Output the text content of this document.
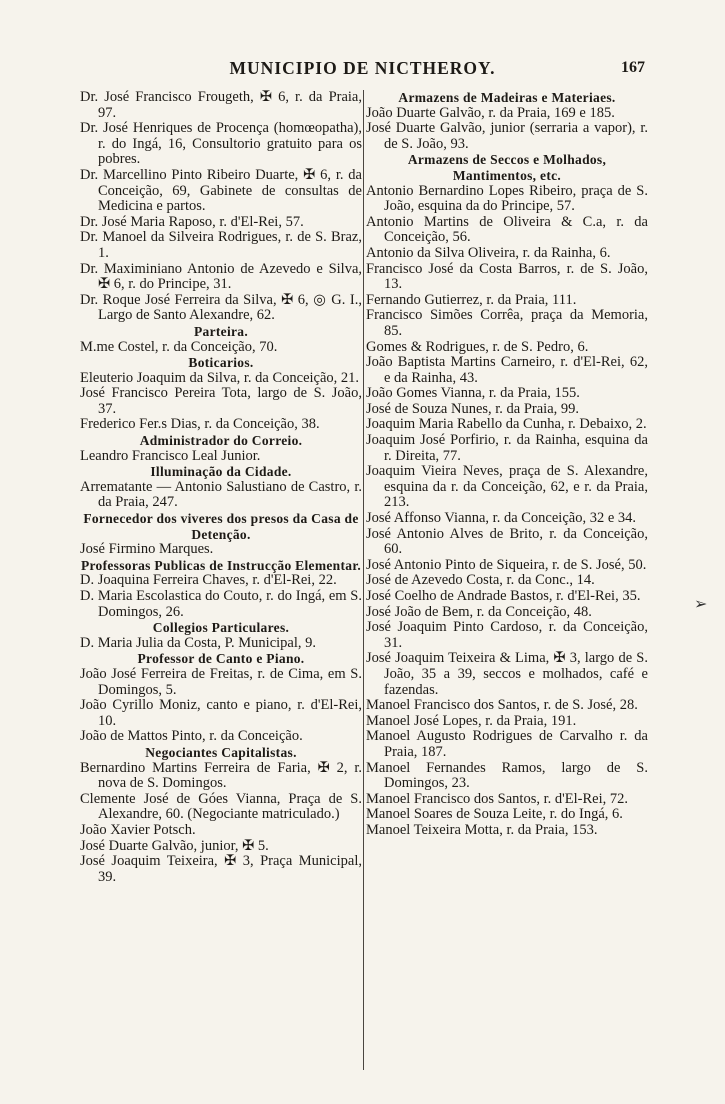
MUNICIPIO DE NICTHEROY.	167

Dr. José Francisco Frougeth, ✠ 6, r. da Praia, 97.

Dr. José Henriques de Procença (homœopatha), r. do Ingá, 16, Consultorio gratuito para os pobres.

Dr. Marcellino Pinto Ribeiro Duarte, ✠ 6, r. da Conceição, 69, Gabinete de consultas de Medicina e partos.

Dr. José Maria Raposo, r. d'El-Rei, 57.

Dr. Manoel da Silveira Rodrigues, r. de S. Braz, 1.

Dr. Maximiniano Antonio de Azevedo e Silva, ✠ 6, r. do Principe, 31.

Dr. Roque José Ferreira da Silva, ✠ 6, ◎ G. I., Largo de Santo Alexandre, 62.

Parteira.

M.me Costel, r. da Conceição, 70.

Boticarios.

Eleuterio Joaquim da Silva, r. da Conceição, 21.

José Francisco Pereira Tota, largo de S. João, 37.

Frederico Fer.s Dias, r. da Conceição, 38.

Administrador do Correio.

Leandro Francisco Leal Junior.

Illuminação da Cidade.

Arrematante — Antonio Salustiano de Castro, r. da Praia, 247.

Fornecedor dos viveres dos presos da Casa de Detenção.

José Firmino Marques.

Professoras Publicas de Instrucção Elementar.

D. Joaquina Ferreira Chaves, r. d'El-Rei, 22.

D. Maria Escolastica do Couto, r. do Ingá, em S. Domingos, 26.

Collegios Particulares.

D. Maria Julia da Costa, P. Municipal, 9.

Professor de Canto e Piano.

João José Ferreira de Freitas, r. de Cima, em S. Domingos, 5.

João Cyrillo Moniz, canto e piano, r. d'El-Rei, 10.

João de Mattos Pinto, r. da Conceição.

Negociantes Capitalistas.

Bernardino Martins Ferreira de Faria, ✠ 2, r. nova de S. Domingos.

Clemente José de Góes Vianna, Praça de S. Alexandre, 60. (Negociante matriculado.)

João Xavier Potsch.

José Duarte Galvão, junior, ✠ 5.

José Joaquim Teixeira, ✠ 3, Praça Municipal, 39.

Armazens de Madeiras e Materiaes.

João Duarte Galvão, r. da Praia, 169 e 185.

José Duarte Galvão, junior (serraria a vapor), r. de S. João, 93.

Armazens de Seccos e Molhados, Mantimentos, etc.

Antonio Bernardino Lopes Ribeiro, praça de S. João, esquina da do Principe, 57.

Antonio Martins de Oliveira & C.a, r. da Conceição, 56.

Antonio da Silva Oliveira, r. da Rainha, 6.

Francisco José da Costa Barros, r. de S. João, 13.

Fernando Gutierrez, r. da Praia, 111.

Francisco Simões Corrêa, praça da Memoria, 85.

Gomes & Rodrigues, r. de S. Pedro, 6.

João Baptista Martins Carneiro, r. d'El-Rei, 62, e da Rainha, 43.

João Gomes Vianna, r. da Praia, 155.

José de Souza Nunes, r. da Praia, 99.

Joaquim Maria Rabello da Cunha, r. Debaixo, 2.

Joaquim José Porfirio, r. da Rainha, esquina da r. Direita, 77.

Joaquim Vieira Neves, praça de S. Alexandre, esquina da r. da Conceição, 62, e r. da Praia, 213.

José Affonso Vianna, r. da Conceição, 32 e 34.

José Antonio Alves de Brito, r. da Conceição, 60.

José Antonio Pinto de Siqueira, r. de S. José, 50.

José de Azevedo Costa, r. da Conc., 14.

José Coelho de Andrade Bastos, r. d'El-Rei, 35.

José João de Bem, r. da Conceição, 48.

José Joaquim Pinto Cardoso, r. da Conceição, 31.

José Joaquim Teixeira & Lima, ✠ 3, largo de S. João, 35 a 39, seccos e molhados, café e fazendas.

Manoel Francisco dos Santos, r. de S. José, 28.

Manoel José Lopes, r. da Praia, 191.

Manoel Augusto Rodrigues de Carvalho r. da Praia, 187.

Manoel Fernandes Ramos, largo de S. Domingos, 23.

Manoel Francisco dos Santos, r. d'El-Rei, 72.

Manoel Soares de Souza Leite, r. do Ingá, 6.

Manoel Teixeira Motta, r. da Praia, 153.

➢
